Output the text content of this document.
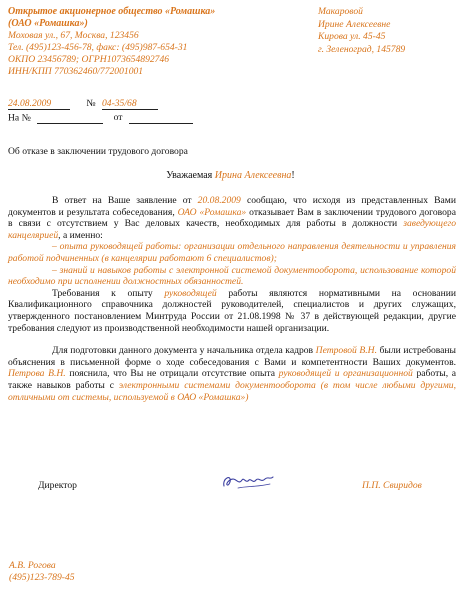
Открытое акционерное общество «Ромашка»
(ОАО «Ромашка»)
Моховая ул., 67, Москва, 123456
Тел. (495)123-456-78, факс: (495)987-654-31
ОКПО 23456789; ОГРН1073654892746
ИНН/КПП 770362460/772001001
Макаровой
Ирине Алексеевне
Кирова ул. 45-45
г. Зеленоград, 145789
24.08.2009	№ 04-35/68
На №	от
Об отказе в заключении трудового договора
Уважаемая Ирина Алексеевна!

В ответ на Ваше заявление от 20.08.2009 сообщаю, что исходя из представленных Вами документов и результата собеседования, ОАО «Ромашка» отказывает Вам в заключении трудового договора в связи с отсутствием у Вас деловых качеств, необходимых для работы в должности заведующего канцелярией, а именно:

– опыта руководящей работы: организации отдельного направления деятельности и управления работой подчиненных (в канцелярии работают 6 специалистов);

– знаний и навыков работы с электронной системой документооборота, использование которой необходимо при исполнении должностных обязанностей.

Требования к опыту руководящей работы являются нормативными на основании Квалификационного справочника должностей руководителей, специалистов и других служащих, утвержденного постановлением Минтруда России от 21.08.1998 № 37 в действующей редакции, другие требования следуют из производственной необходимости нашей организации.

Для подготовки данного документа у начальника отдела кадров Петровой В.Н. были истребованы объяснения в письменной форме о ходе собеседования с Вами и компетентности Ваших документов. Петрова В.Н. пояснила, что Вы не отрицали отсутствие опыта руководящей и организационной работы, а также навыков работы с электронными системами документооборота (в том числе любыми другими, отличными от системы, используемой в ОАО «Ромашка»)

Директор	П.П. Свиридов
А.В. Рогова
(495)123-789-45
